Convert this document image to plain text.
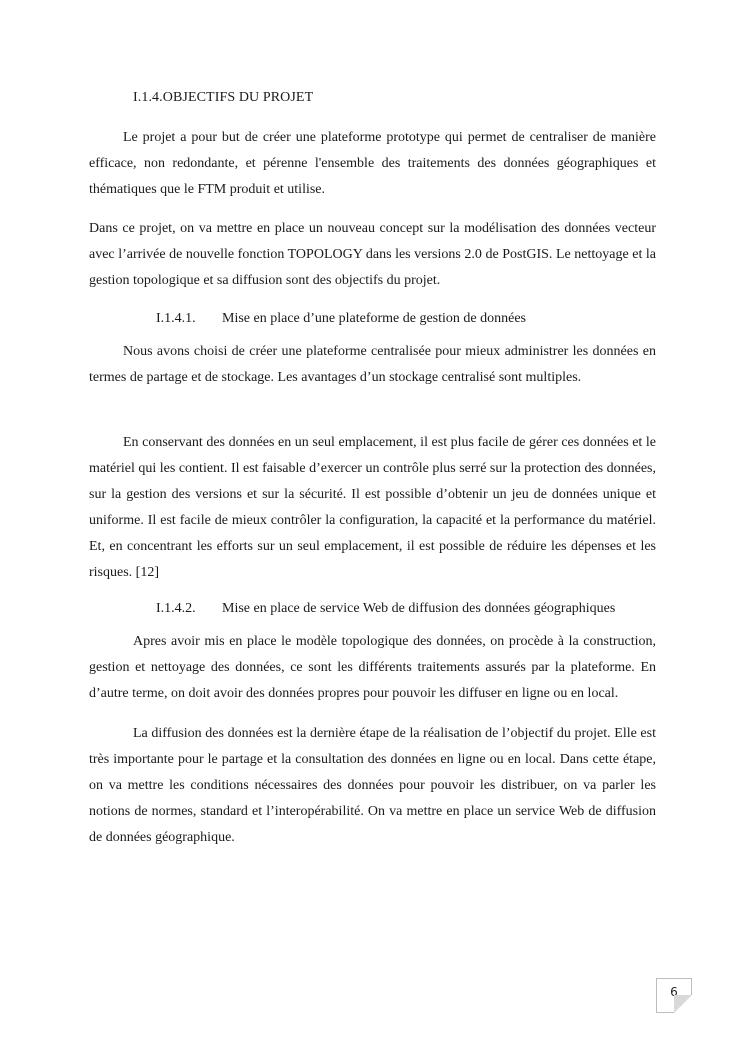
I.1.4.OBJECTIFS DU PROJET

Le projet a pour but de créer une plateforme prototype qui permet de centraliser de manière efficace, non redondante, et pérenne l'ensemble des traitements des données géographiques et thématiques que le FTM produit et utilise.

Dans ce projet, on va mettre en place un nouveau concept sur la modélisation des données vecteur avec l’arrivée de nouvelle fonction TOPOLOGY dans les versions 2.0 de PostGIS. Le nettoyage et la gestion topologique et sa diffusion sont des objectifs du projet.

I.1.4.1. Mise en place d’une plateforme de gestion de données

Nous avons choisi de créer une plateforme centralisée pour mieux administrer les données en termes de partage et de stockage. Les avantages d’un stockage centralisé sont multiples.

En conservant des données en un seul emplacement, il est plus facile de gérer ces données et le matériel qui les contient. Il est faisable d’exercer un contrôle plus serré sur la protection des données, sur la gestion des versions et sur la sécurité. Il est possible d’obtenir un jeu de données unique et uniforme. Il est facile de mieux contrôler la configuration, la capacité et la performance du matériel. Et, en concentrant les efforts sur un seul emplacement, il est possible de réduire les dépenses et les risques. [12]

I.1.4.2. Mise en place de service Web de diffusion des données géographiques

Apres avoir mis en place le modèle topologique des données, on procède à la construction, gestion et nettoyage des données, ce sont les différents traitements assurés par la plateforme. En d’autre terme, on doit avoir des données propres pour pouvoir les diffuser en ligne ou en local.

La diffusion des données est la dernière étape de la réalisation de l’objectif du projet. Elle est très importante pour le partage et la consultation des données en ligne ou en local. Dans cette étape, on va mettre les conditions nécessaires des données pour pouvoir les distribuer, on va parler les notions de normes, standard et l’interopérabilité. On va mettre en place un service Web de diffusion de données géographique.

6
